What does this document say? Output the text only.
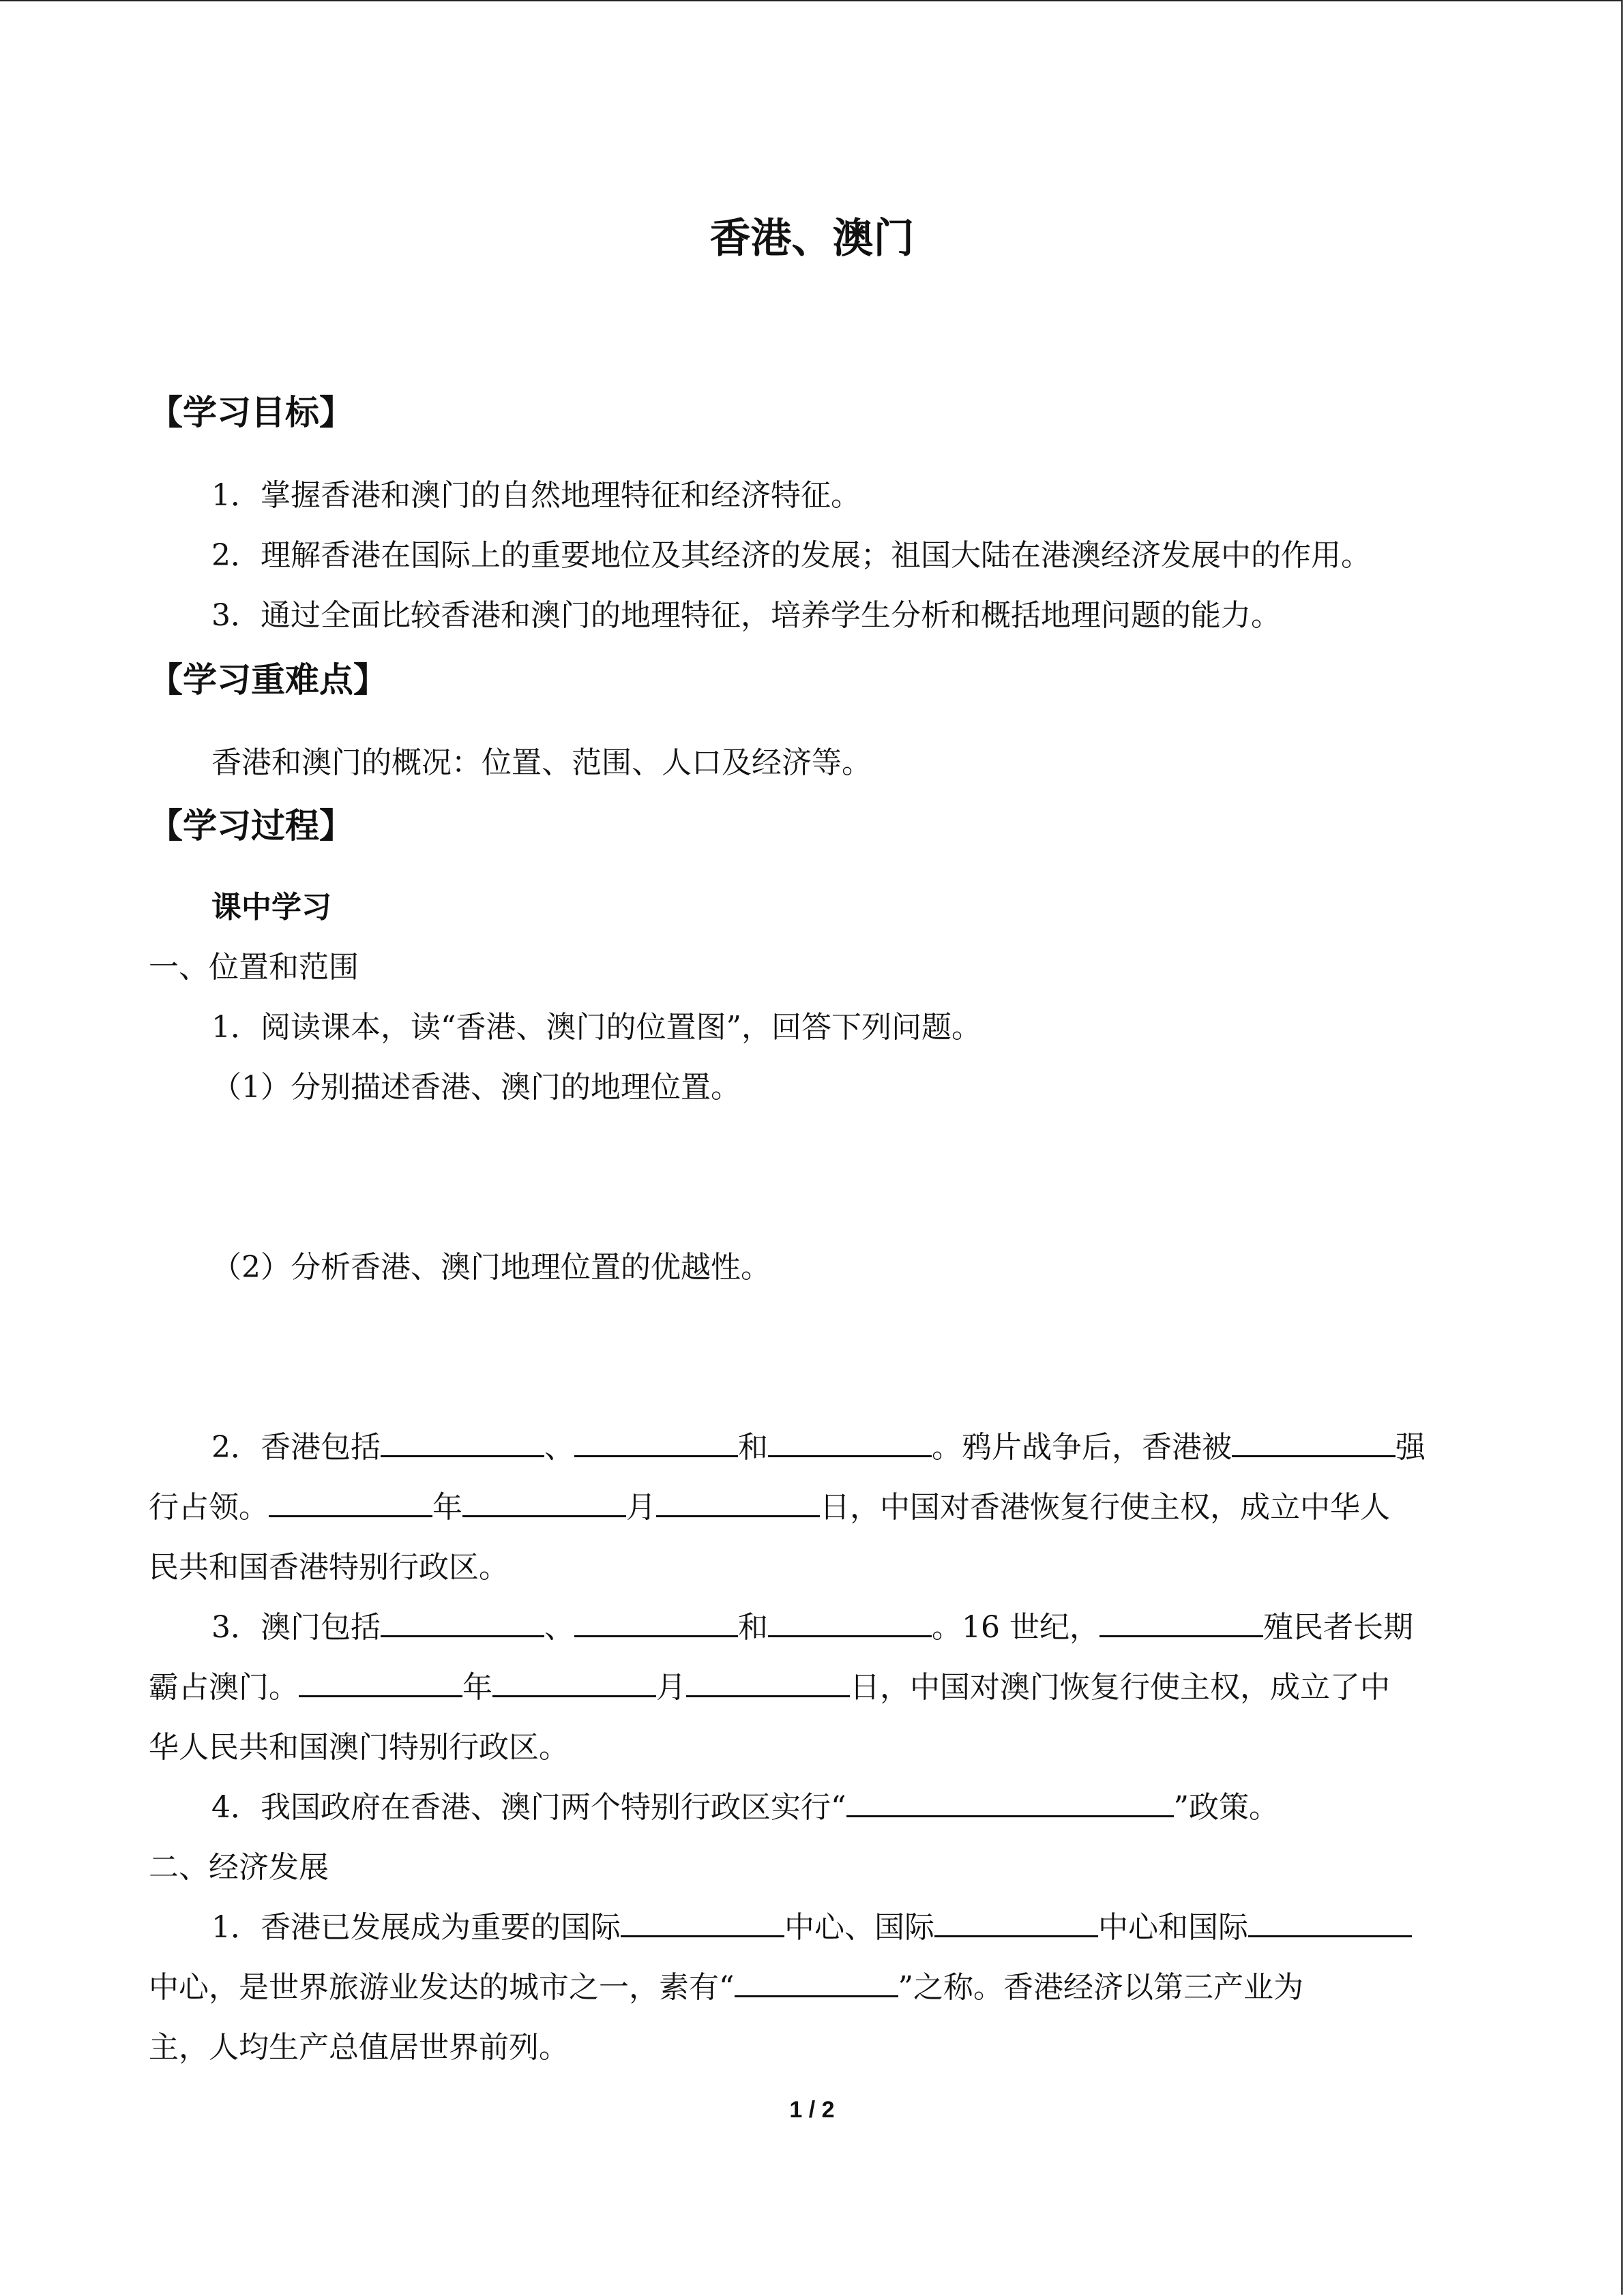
香港、澳门
【学习目标】
1．掌握香港和澳门的自然地理特征和经济特征。
2．理解香港在国际上的重要地位及其经济的发展；祖国大陆在港澳经济发展中的作用。
3．通过全面比较香港和澳门的地理特征，培养学生分析和概括地理问题的能力。
【学习重难点】
香港和澳门的概况：位置、范围、人口及经济等。
【学习过程】
课中学习
一、位置和范围
1．阅读课本，读“香港、澳门的位置图”，回答下列问题。
（1）分别描述香港、澳门的地理位置。
（2）分析香港、澳门地理位置的优越性。
2．香港包括	、	和	。鸦片战争后，香港被	强
行占领。	年	月	日，中国对香港恢复行使主权，成立中华人
民共和国香港特别行政区。
3．澳门包括	、	和	。16 世纪，	殖民者长期
霸占澳门。	年	月	日，中国对澳门恢复行使主权，成立了中
华人民共和国澳门特别行政区。
4．我国政府在香港、澳门两个特别行政区实行“	”政策。
二、经济发展
1．香港已发展成为重要的国际	中心、国际	中心和国际
中心，是世界旅游业发达的城市之一，素有“	”之称。香港经济以第三产业为
主，人均生产总值居世界前列。
1 / 2
